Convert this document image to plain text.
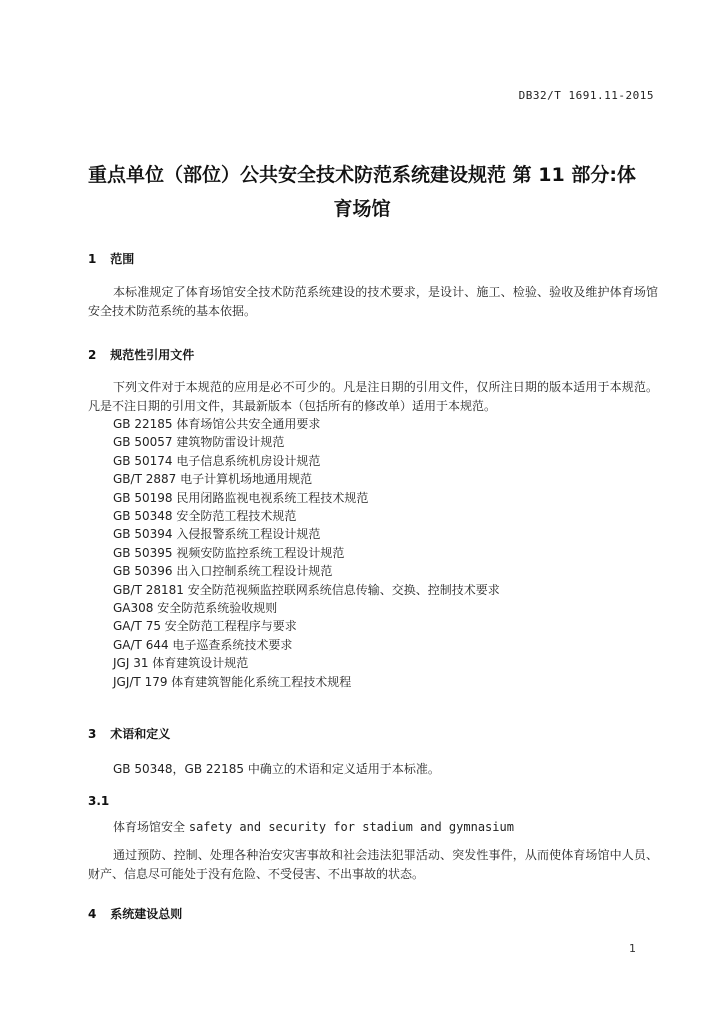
DB32/T 1691.11-2015
重点单位（部位）公共安全技术防范系统建设规范 第 11 部分:体
育场馆
1 范围
本标准规定了体育场馆安全技术防范系统建设的技术要求，是设计、施工、检验、验收及维护体育场馆安全技术防范系统的基本依据。
2 规范性引用文件
下列文件对于本规范的应用是必不可少的。凡是注日期的引用文件，仅所注日期的版本适用于本规范。凡是不注日期的引用文件，其最新版本（包括所有的修改单）适用于本规范。
GB 22185 体育场馆公共安全通用要求
GB 50057 建筑物防雷设计规范
GB 50174 电子信息系统机房设计规范
GB/T 2887 电子计算机场地通用规范
GB 50198 民用闭路监视电视系统工程技术规范
GB 50348 安全防范工程技术规范
GB 50394 入侵报警系统工程设计规范
GB 50395 视频安防监控系统工程设计规范
GB 50396 出入口控制系统工程设计规范
GB/T 28181 安全防范视频监控联网系统信息传输、交换、控制技术要求
GA308 安全防范系统验收规则
GA/T 75 安全防范工程程序与要求
GA/T 644 电子巡查系统技术要求
JGJ 31 体育建筑设计规范
JGJ/T 179 体育建筑智能化系统工程技术规程
3 术语和定义
GB 50348，GB 22185 中确立的术语和定义适用于本标准。
3.1
体育场馆安全 safety and security for stadium and gymnasium
通过预防、控制、处理各种治安灾害事故和社会违法犯罪活动、突发性事件，从而使体育场馆中人员、财产、信息尽可能处于没有危险、不受侵害、不出事故的状态。
4 系统建设总则
1
